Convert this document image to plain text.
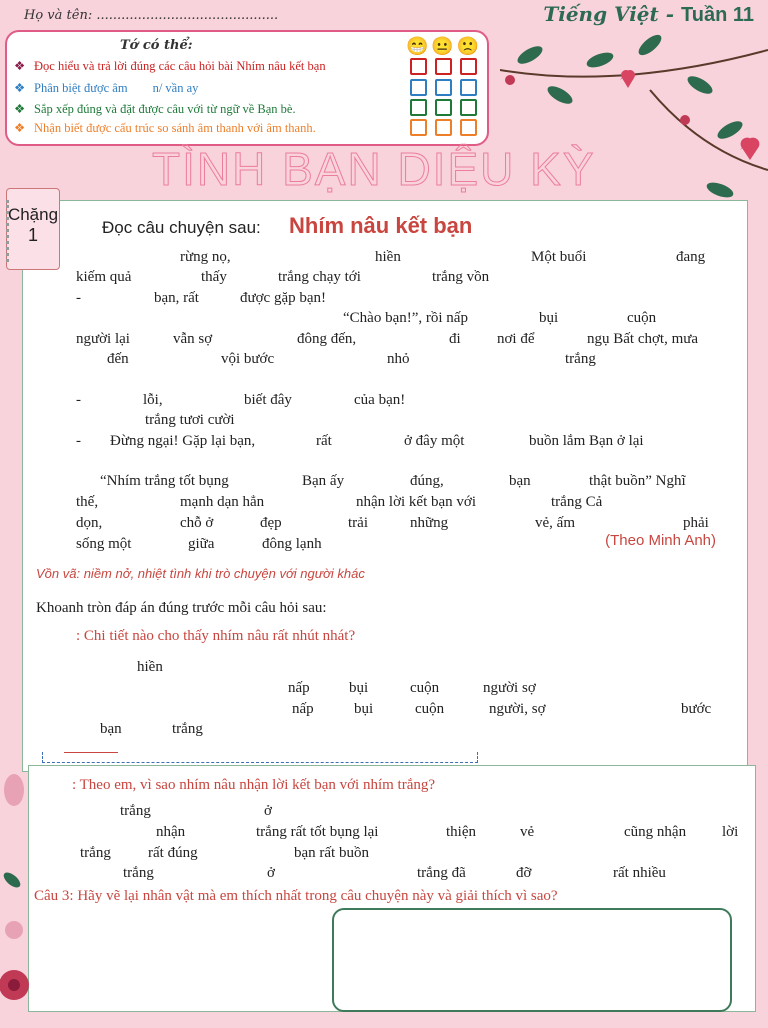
Họ và tên: ............................................	Tiếng Việt - Tuần 11
Tớ có thể:	😁😐🙁
❖ Đọc hiểu và trả lời đúng các câu hỏi bài Nhím nâu kết bạn
❖ Phân biệt được âm        n/ vần ay
❖ Sắp xếp đúng và đặt được câu với từ ngữ về Bạn bè.
❖ Nhận biết được cấu trúc so sánh âm thanh với âm thanh.
TÌNH BẠN DIỆU KỲ
Chặng
1	Đọc câu chuyện sau: Nhím nâu kết bạn
rừng nọ,	hiền	Một buổi	đang
kiếm quả	thấy	trắng chạy tới	trắng vồn
-	bạn, rất	được gặp bạn!
“Chào bạn!”, rồi nấp	bụi	cuộn
người lại	vẫn sợ	đông đến,	đi nơi để	ngụ Bất chợt, mưa
đến	vội bước	nhỏ	trắng
-	lỗi,	biết đây	của bạn!
trắng tươi cười
- Đừng ngại! Gặp lại bạn,	rất	ở đây một	buồn lắm Bạn ở lại
“Nhím trắng tốt bụng	Bạn ấy	đúng,	bạn	thật buồn” Nghĩ
thế,	mạnh dạn hẳn	nhận lời kết bạn với	trắng Cả
dọn,	chỗ ở	đẹp	trải	những	vẻ, ấm	phải
sống một	giữa	đông lạnh	(Theo Minh Anh)
Vồn vã: niềm nở, nhiệt tình khi trò chuyện với người khác
Khoanh tròn đáp án đúng trước mỗi câu hỏi sau:
: Chi tiết nào cho thấy nhím nâu rất nhút nhát?
hiền
nấp	bụi	cuộn	người sợ
nấp	bụi	cuộn	người, sợ	bước
bạn	trắng
: Theo em, vì sao nhím nâu nhận lời kết bạn với nhím trắng?
trắng	ở
nhận	trắng rất tốt bụng lại	thiện	vẻ	cũng nhận lời
trắng rất đúng	bạn rất buồn
trắng	ở	trắng đã	đỡ	rất nhiều
Câu 3: Hãy vẽ lại nhân vật mà em thích nhất trong câu chuyện này và giải thích vì sao?
